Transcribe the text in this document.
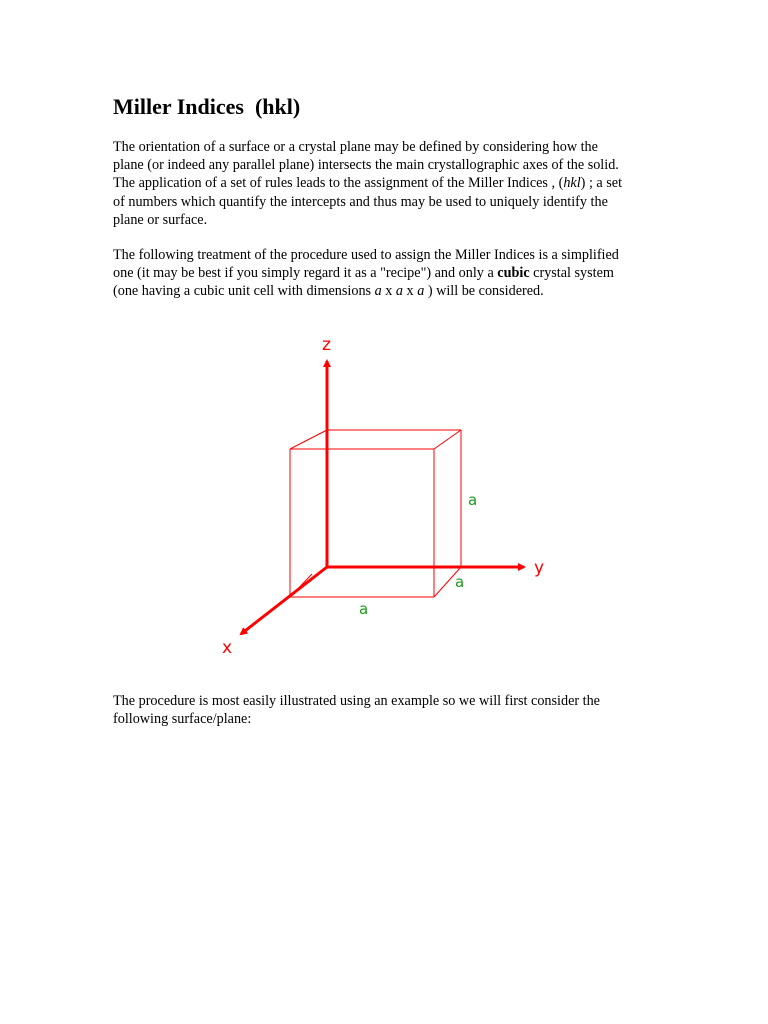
Miller Indices  (hkl)

The orientation of a surface or a crystal plane may be defined by considering how the
plane (or indeed any parallel plane) intersects the main crystallographic axes of the solid.
The application of a set of rules leads to the assignment of the Miller Indices , (hkl) ; a set
of numbers which quantify the intercepts and thus may be used to uniquely identify the
plane or surface.

The following treatment of the procedure used to assign the Miller Indices is a simplified
one (it may be best if you simply regard it as a "recipe") and only a cubic crystal system
(one having a cubic unit cell with dimensions a x a x a ) will be considered.

z
y
x
a
a
a

The procedure is most easily illustrated using an example so we will first consider the
following surface/plane:
